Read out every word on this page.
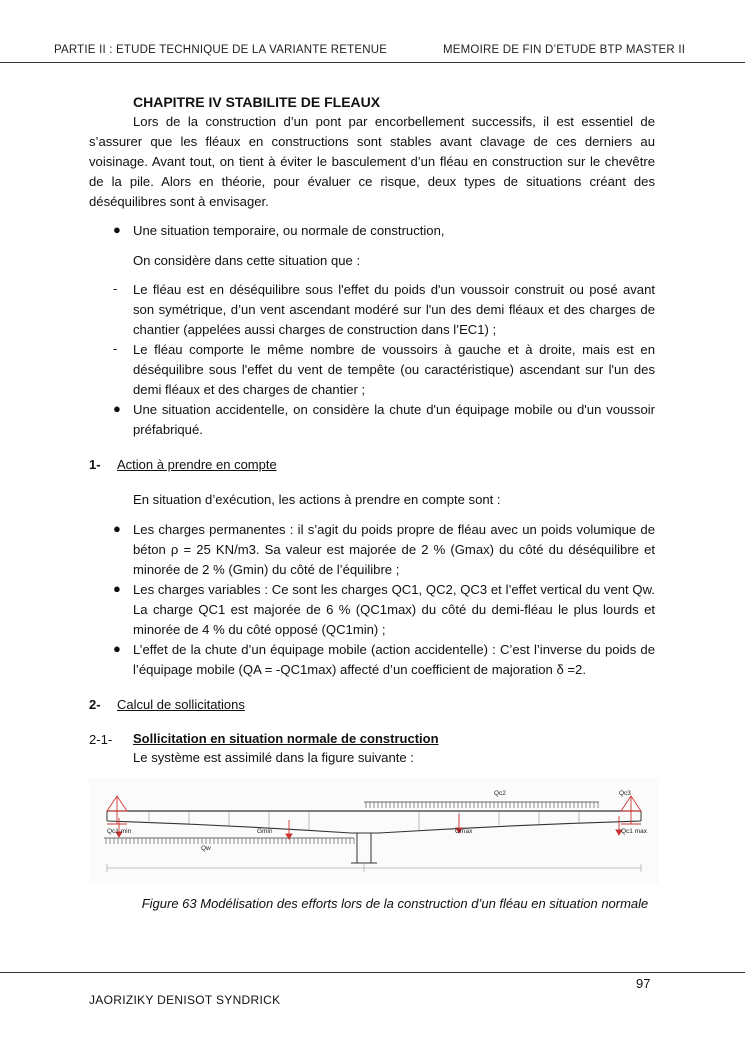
PARTIE II : ETUDE TECHNIQUE DE LA VARIANTE RETENUE	MEMOIRE DE FIN D’ETUDE BTP MASTER II
CHAPITRE IV STABILITE DE FLEAUX
Lors de la construction d’un pont par encorbellement successifs, il est essentiel de s’assurer que les fléaux en constructions sont stables avant clavage de ces derniers au voisinage. Avant tout, on tient à éviter le basculement d’un fléau en construction sur le chevêtre de la pile. Alors en théorie, pour évaluer ce risque, deux types de situations créant des déséquilibres sont à envisager.
● Une situation temporaire, ou normale de construction,
On considère dans cette situation que :
- Le fléau est en déséquilibre sous l'effet du poids d'un voussoir construit ou posé avant son symétrique, d’un vent ascendant modéré sur l'un des demi fléaux et des charges de chantier (appelées aussi charges de construction dans l’EC1) ;
- Le fléau comporte le même nombre de voussoirs à gauche et à droite, mais est en déséquilibre sous l'effet du vent de tempête (ou caractéristique) ascendant sur l'un des demi fléaux et des charges de chantier ;
● Une situation accidentelle, on considère la chute d'un équipage mobile ou d'un voussoir préfabriqué.
1- Action à prendre en compte
En situation d’exécution, les actions à prendre en compte sont :
● Les charges permanentes : il s’agit du poids propre de fléau avec un poids volumique de béton ρ = 25 KN/m3. Sa valeur est majorée de 2 % (Gmax) du côté du déséquilibre et minorée de 2 % (Gmin) du côté de l’équilibre ;
● Les charges variables : Ce sont les charges QC1, QC2, QC3 et l’effet vertical du vent Qw. La charge QC1 est majorée de 6 % (QC1max) du côté du demi-fléau le plus lourds et minorée de 4 % du côté opposé (QC1min) ;
● L’effet de la chute d’un équipage mobile (action accidentelle) : C’est l’inverse du poids de l’équipage mobile (QA = -QC1max) affecté d’un coefficient de majoration δ =2.
2- Calcul de sollicitations
2-1- Sollicitation en situation normale de construction
Le système est assimilé dans la figure suivante :
Qc2	Qc3
Qc1 min	Gmin	Gmax	Qc1 max
Qw
Figure 63 Modélisation des efforts lors de la construction d’un fléau en situation normale
97
JAORIZIKY DENISOT SYNDRICK
